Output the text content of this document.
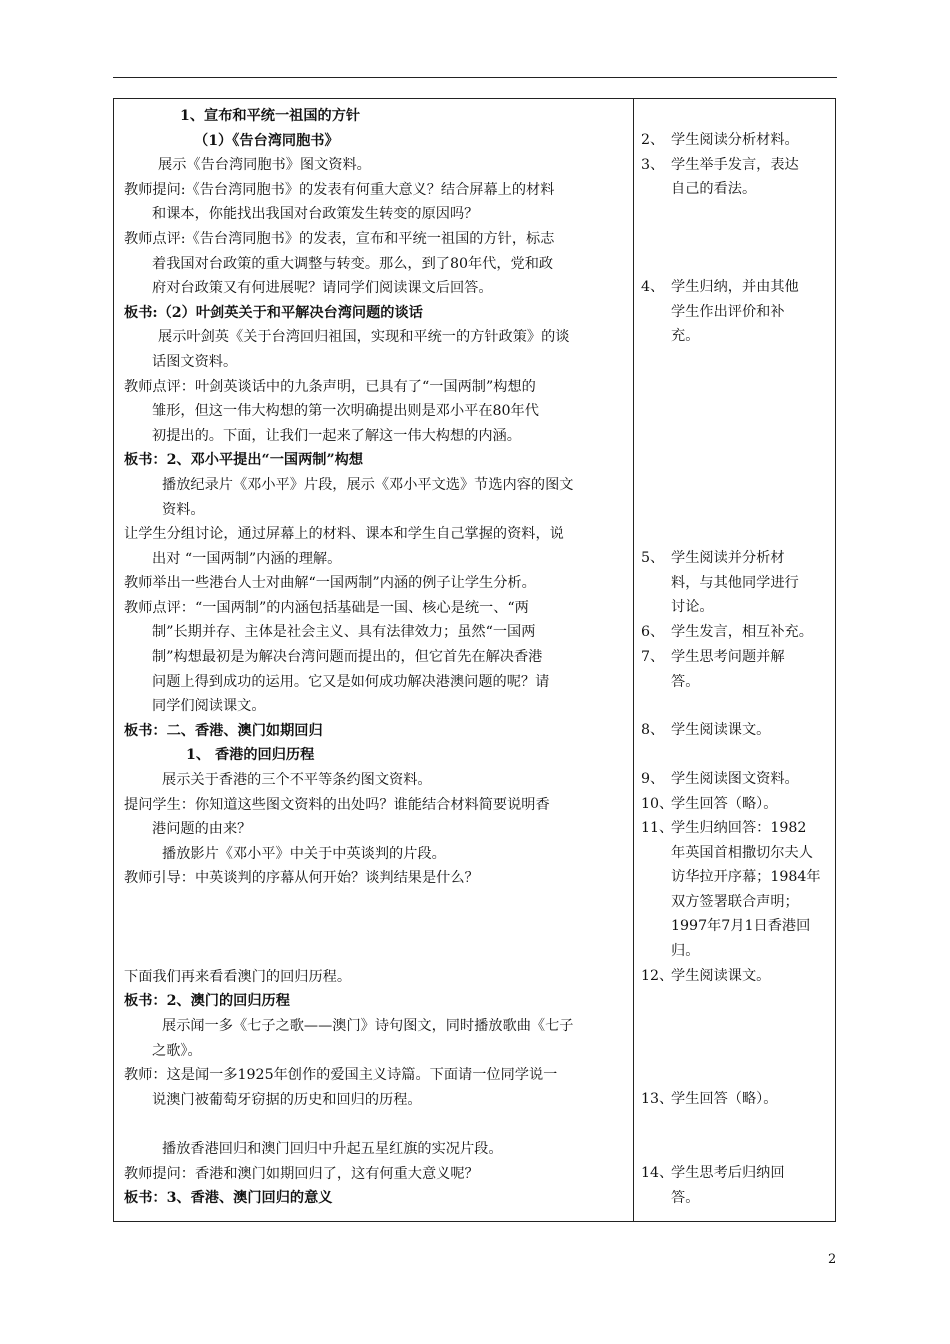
1、宣布和平统一祖国的方针
（1）《告台湾同胞书》
展示《告台湾同胞书》图文资料。
教师提问:《告台湾同胞书》的发表有何重大意义？结合屏幕上的材料
和课本，你能找出我国对台政策发生转变的原因吗？
教师点评:《告台湾同胞书》的发表，宣布和平统一祖国的方针，标志
着我国对台政策的重大调整与转变。那么，到了80年代，党和政
府对台政策又有何进展呢？请同学们阅读课文后回答。
板书:（2）叶剑英关于和平解决台湾问题的谈话
展示叶剑英《关于台湾回归祖国，实现和平统一的方针政策》的谈
话图文资料。
教师点评：叶剑英谈话中的九条声明，已具有了“一国两制”构想的
雏形，但这一伟大构想的第一次明确提出则是邓小平在80年代
初提出的。下面，让我们一起来了解这一伟大构想的内涵。
板书：2、邓小平提出“一国两制”构想
播放纪录片《邓小平》片段，展示《邓小平文选》节选内容的图文
资料。
让学生分组讨论，通过屏幕上的材料、课本和学生自己掌握的资料，说
出对 “一国两制”内涵的理解。
教师举出一些港台人士对曲解“一国两制”内涵的例子让学生分析。
教师点评：“一国两制”的内涵包括基础是一国、核心是统一、“两
制”长期并存、主体是社会主义、具有法律效力；虽然“一国两
制”构想最初是为解决台湾问题而提出的，但它首先在解决香港
问题上得到成功的运用。它又是如何成功解决港澳问题的呢？请
同学们阅读课文。
板书：二、香港、澳门如期回归
1、 香港的回归历程
展示关于香港的三个不平等条约图文资料。
提问学生：你知道这些图文资料的出处吗？谁能结合材料简要说明香
港问题的由来？
播放影片《邓小平》中关于中英谈判的片段。
教师引导：中英谈判的序幕从何开始？谈判结果是什么？

下面我们再来看看澳门的回归历程。
板书：2、澳门的回归历程
展示闻一多《七子之歌——澳门》诗句图文，同时播放歌曲《七子
之歌》。
教师：这是闻一多1925年创作的爱国主义诗篇。下面请一位同学说一
说澳门被葡萄牙窃据的历史和回归的历程。

播放香港回归和澳门回归中升起五星红旗的实况片段。
教师提问：香港和澳门如期回归了，这有何重大意义呢？
板书：3、香港、澳门回归的意义
2、 学生阅读分析材料。
3、 学生举手发言，表达
自己的看法。
4、 学生归纳，并由其他
学生作出评价和补
充。
5、 学生阅读并分析材
料，与其他同学进行
讨论。
6、 学生发言，相互补充。
7、 学生思考问题并解
答。
8、 学生阅读课文。
9、 学生阅读图文资料。
10、
学生回答（略）。
11、
学生归纳回答：1982
年英国首相撒切尔夫人
访华拉开序幕；1984年
双方签署联合声明；
1997年7月1日香港回
归。
12、
学生阅读课文。
13、
学生回答（略）。
14、
学生思考后归纳回
答。
2
